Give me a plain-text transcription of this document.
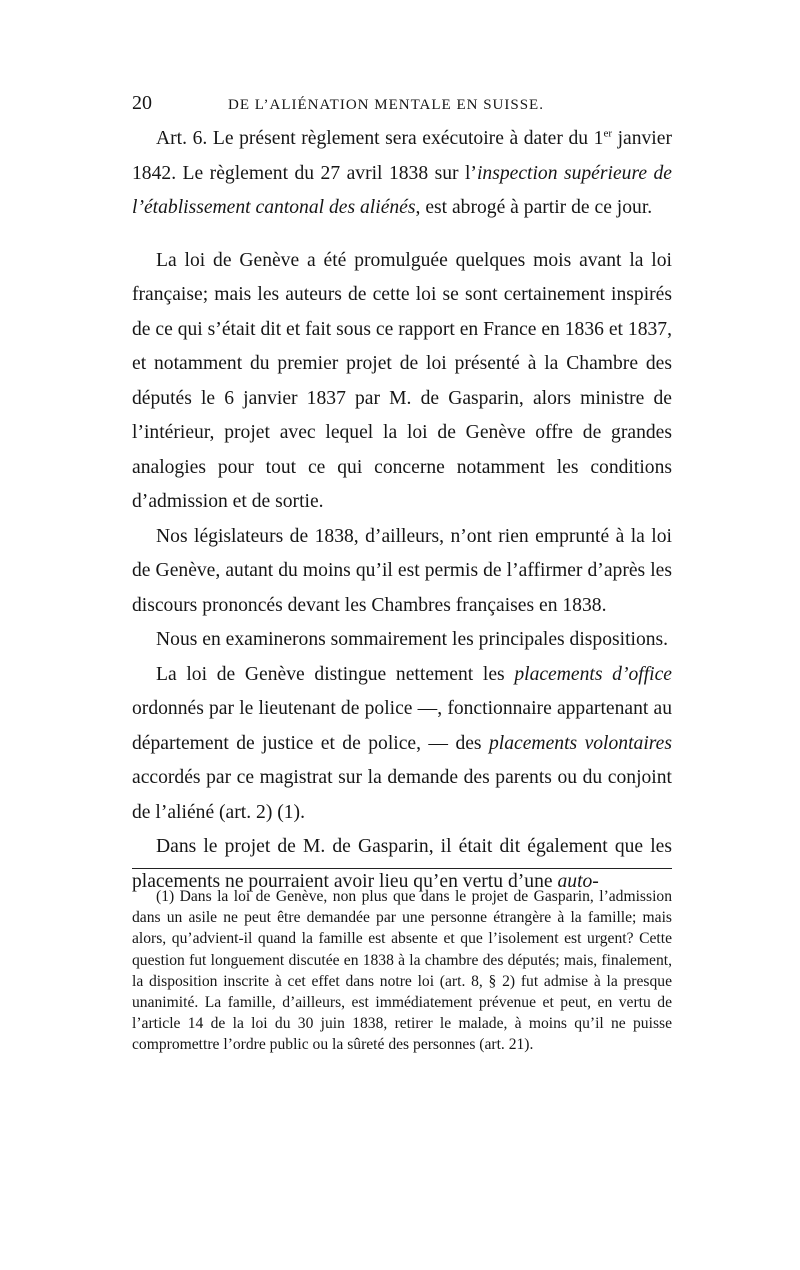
20	DE L’ALIÉNATION MENTALE EN SUISSE.

Art. 6. Le présent règlement sera exécutoire à dater du 1er janvier 1842. Le règlement du 27 avril 1838 sur l’inspection supérieure de l’établissement cantonal des aliénés, est abrogé à partir de ce jour.

La loi de Genève a été promulguée quelques mois avant la loi française; mais les auteurs de cette loi se sont certainement inspirés de ce qui s’était dit et fait sous ce rapport en France en 1836 et 1837, et notamment du premier projet de loi présenté à la Chambre des députés le 6 janvier 1837 par M. de Gasparin, alors ministre de l’intérieur, projet avec lequel la loi de Genève offre de grandes analogies pour tout ce qui concerne notamment les conditions d’admission et de sortie.

Nos législateurs de 1838, d’ailleurs, n’ont rien emprunté à la loi de Genève, autant du moins qu’il est permis de l’affirmer d’après les discours prononcés devant les Chambres françaises en 1838.

Nous en examinerons sommairement les principales dispositions.

La loi de Genève distingue nettement les placements d’office ordonnés par le lieutenant de police —, fonctionnaire appartenant au département de justice et de police, — des placements volontaires accordés par ce magistrat sur la demande des parents ou du conjoint de l’aliéné (art. 2) (1).

Dans le projet de M. de Gasparin, il était dit également que les placements ne pourraient avoir lieu qu’en vertu d’une auto-

(1) Dans la loi de Genève, non plus que dans le projet de Gasparin, l’admission dans un asile ne peut être demandée par une personne étrangère à la famille; mais alors, qu’advient-il quand la famille est absente et que l’isolement est urgent? Cette question fut longuement discutée en 1838 à la chambre des députés; mais, finalement, la disposition inscrite à cet effet dans notre loi (art. 8, § 2) fut admise à la presque unanimité. La famille, d’ailleurs, est immédiatement prévenue et peut, en vertu de l’article 14 de la loi du 30 juin 1838, retirer le malade, à moins qu’il ne puisse compromettre l’ordre public ou la sûreté des personnes (art. 21).
